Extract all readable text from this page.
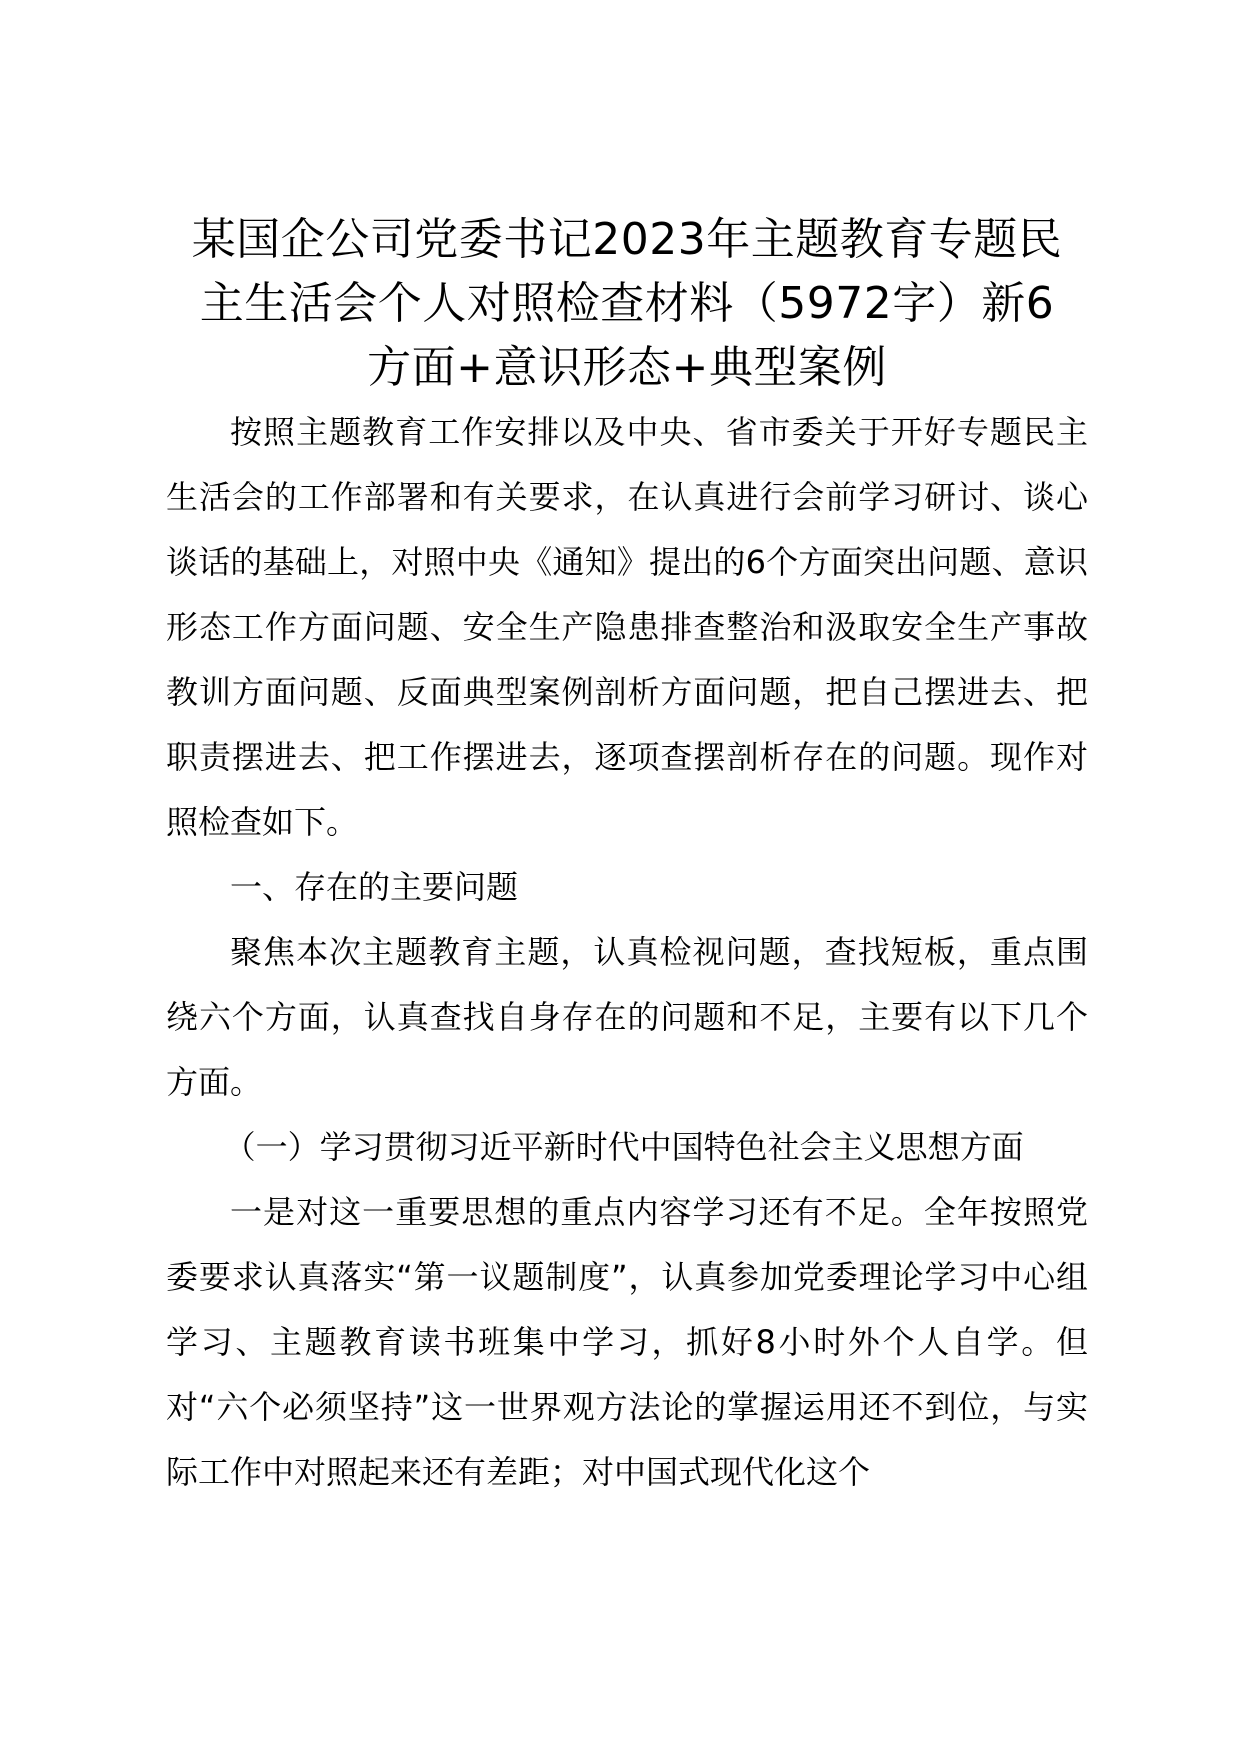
某国企公司党委书记2023年主题教育专题民
主生活会个人对照检查材料（5972字）新6
方面+意识形态+典型案例

按照主题教育工作安排以及中央、省市委关于开好专题民主生活会的工作部署和有关要求，在认真进行会前学习研讨、谈心谈话的基础上，对照中央《通知》提出的6个方面突出问题、意识形态工作方面问题、安全生产隐患排查整治和汲取安全生产事故教训方面问题、反面典型案例剖析方面问题，把自己摆进去、把职责摆进去、把工作摆进去，逐项查摆剖析存在的问题。现作对照检查如下。

一、存在的主要问题

聚焦本次主题教育主题，认真检视问题，查找短板，重点围绕六个方面，认真查找自身存在的问题和不足，主要有以下几个方面。

（一）学习贯彻习近平新时代中国特色社会主义思想方面

一是对这一重要思想的重点内容学习还有不足。全年按照党委要求认真落实“第一议题制度”，认真参加党委理论学习中心组学习、主题教育读书班集中学习，抓好8小时外个人自学。但对“六个必须坚持”这一世界观方法论的掌握运用还不到位，与实际工作中对照起来还有差距；对中国式现代化这个
